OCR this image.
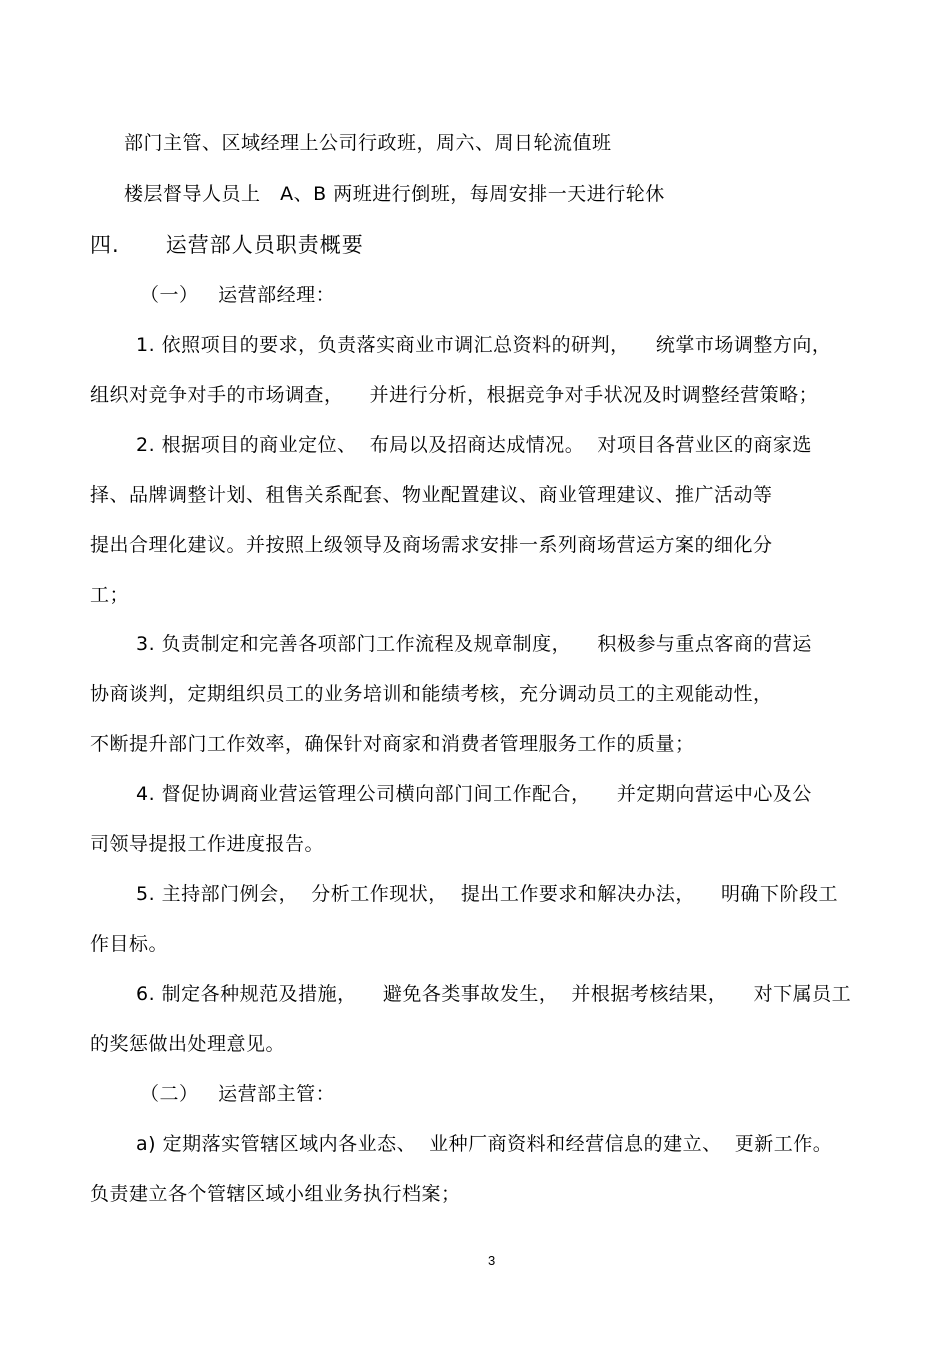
部门主管、区域经理上公司行政班，周六、周日轮流值班
楼层督导人员上   A、B 两班进行倒班，每周安排一天进行轮休
四.      运营部人员职责概要
（一）   运营部经理：
1. 依照项目的要求，负责落实商业市调汇总资料的研判，    统掌市场调整方向，
组织对竞争对手的市场调查，    并进行分析，根据竞争对手状况及时调整经营策略；
2. 根据项目的商业定位、  布局以及招商达成情况。  对项目各营业区的商家选
择、品牌调整计划、租售关系配套、物业配置建议、商业管理建议、推广活动等
提出合理化建议。并按照上级领导及商场需求安排一系列商场营运方案的细化分
工；
3. 负责制定和完善各项部门工作流程及规章制度，    积极参与重点客商的营运
协商谈判，定期组织员工的业务培训和能绩考核，充分调动员工的主观能动性，
不断提升部门工作效率，确保针对商家和消费者管理服务工作的质量；
4. 督促协调商业营运管理公司横向部门间工作配合，    并定期向营运中心及公
司领导提报工作进度报告。
5. 主持部门例会，  分析工作现状，  提出工作要求和解决办法，    明确下阶段工
作目标。
6. 制定各种规范及措施，    避免各类事故发生，  并根据考核结果，    对下属员工
的奖惩做出处理意见。
（二）   运营部主管：
a) 定期落实管辖区域内各业态、  业种厂商资料和经营信息的建立、  更新工作。
负责建立各个管辖区域小组业务执行档案；
3
